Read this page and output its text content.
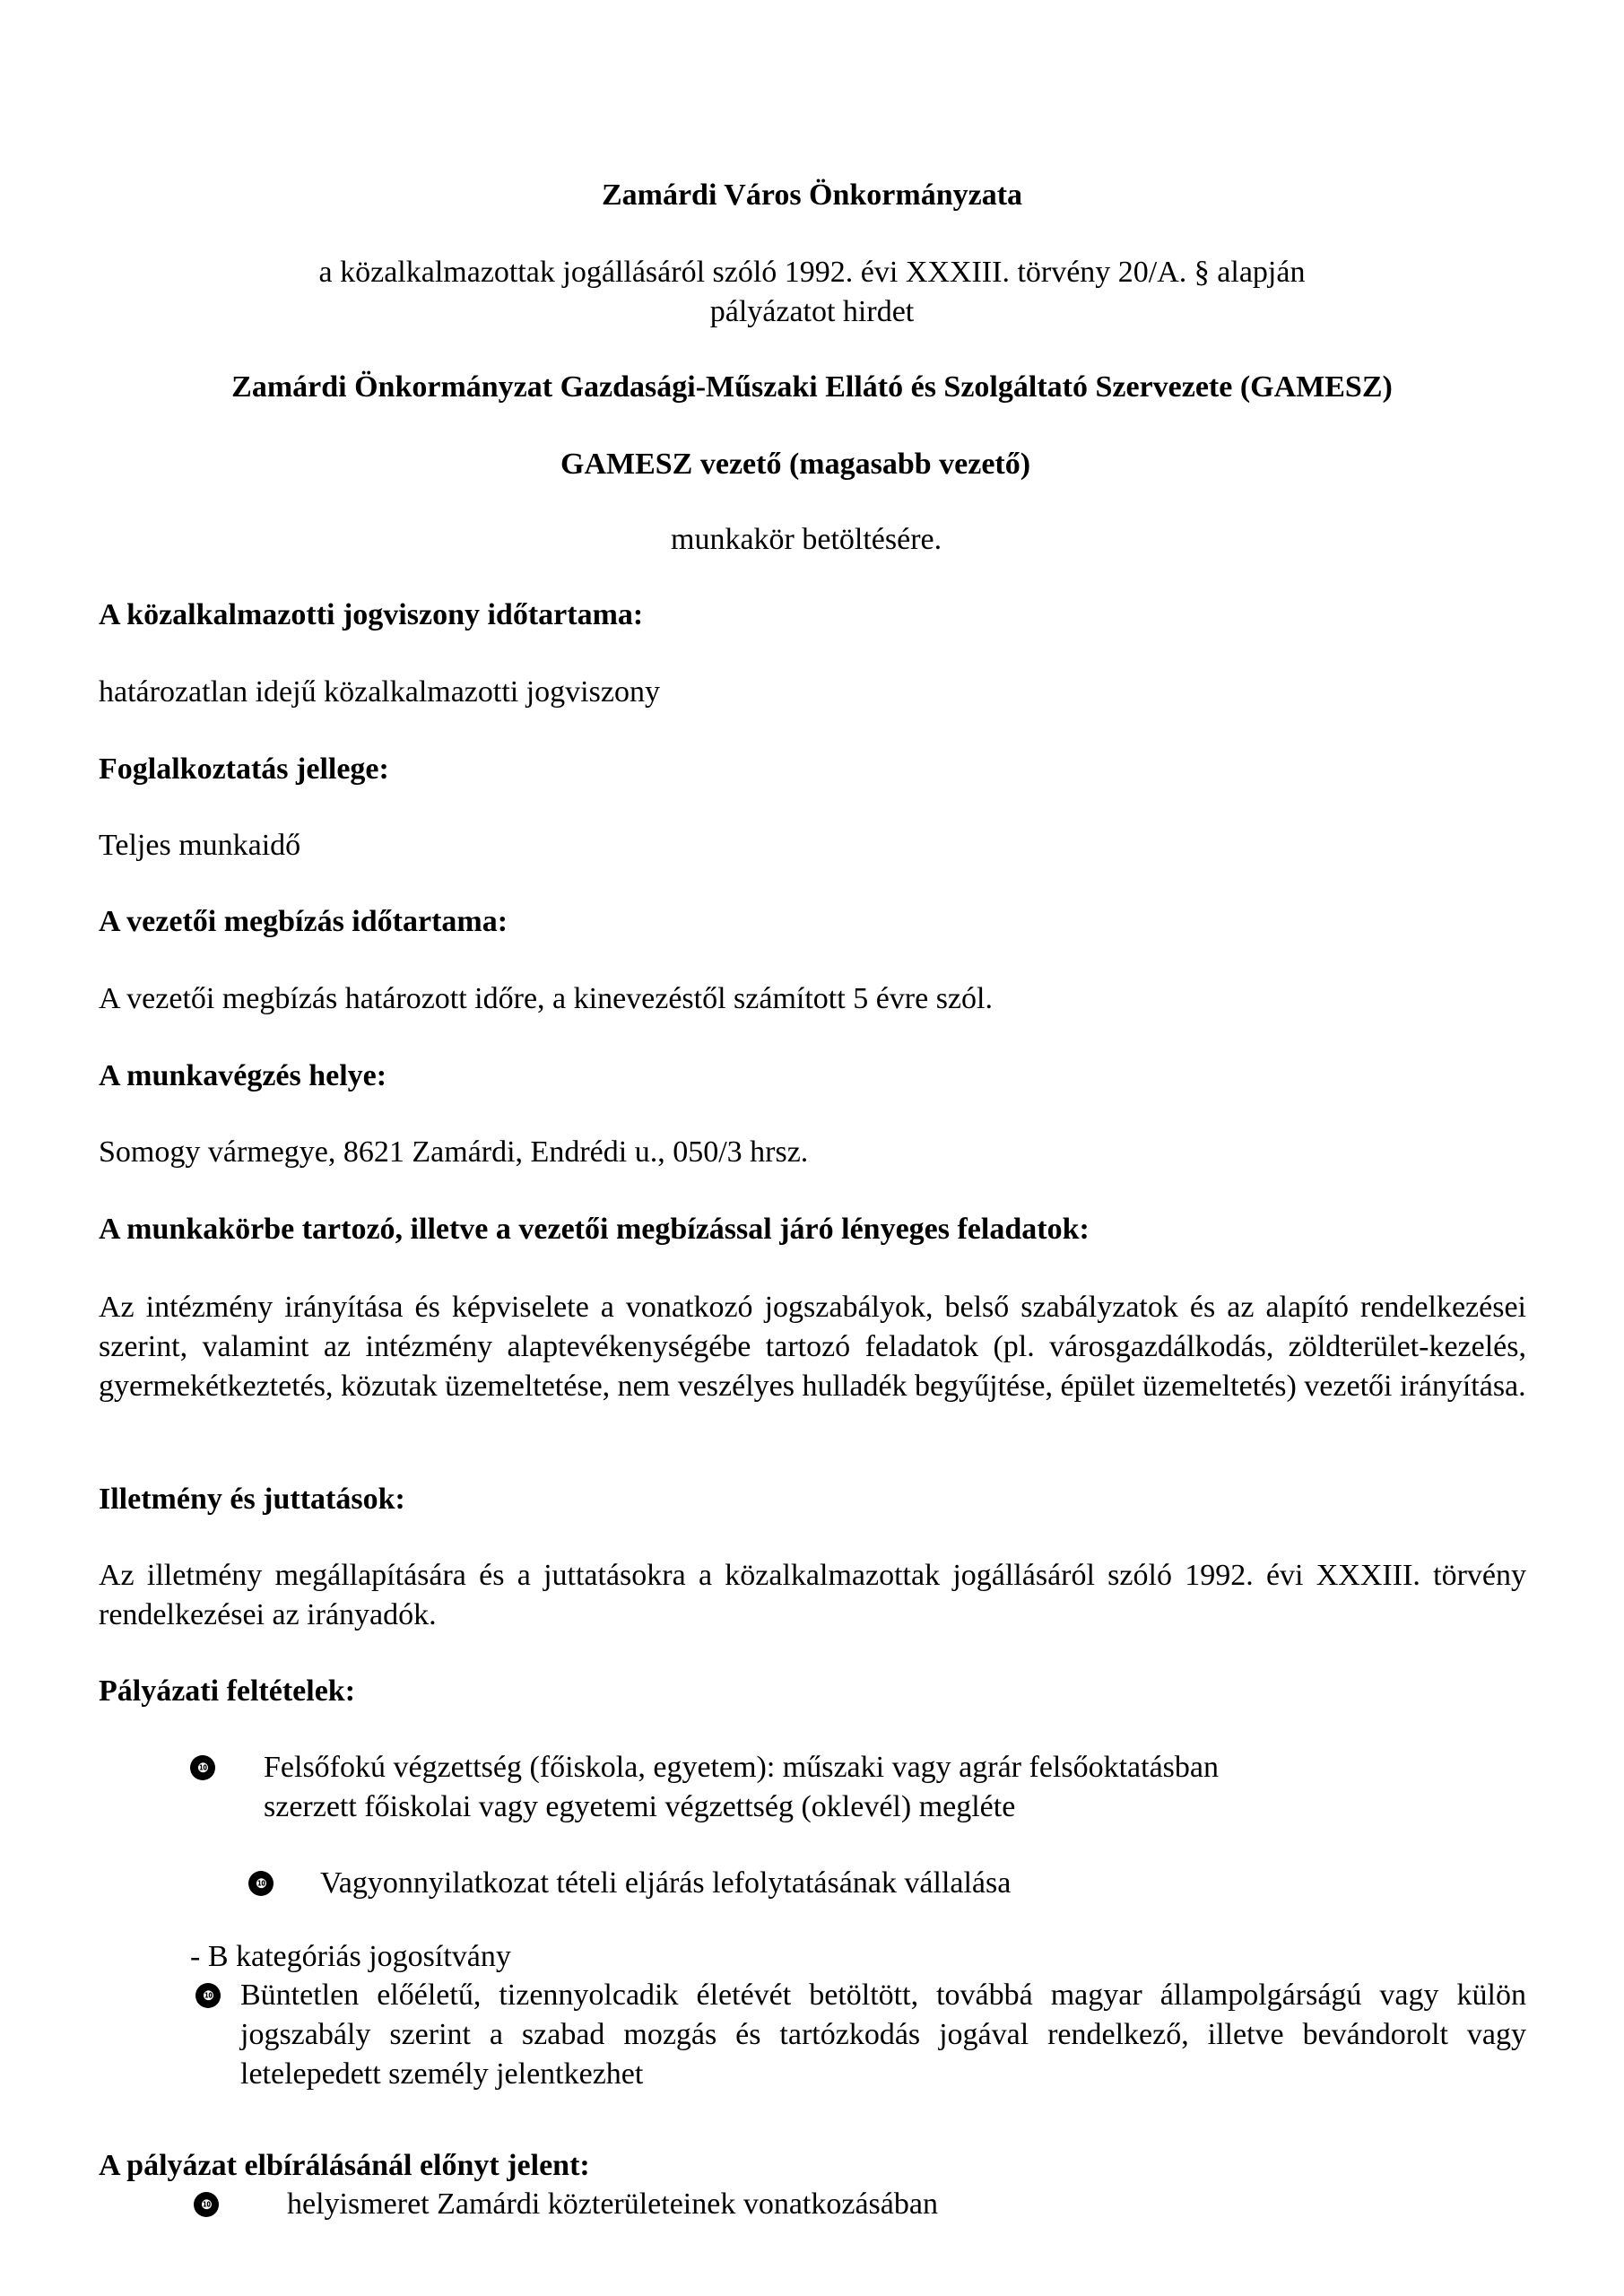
Zamárdi Város Önkormányzata
a közalkalmazottak jogállásáról szóló 1992. évi XXXIII. törvény 20/A. § alapján
pályázatot hirdet
Zamárdi Önkormányzat Gazdasági-Műszaki Ellátó és Szolgáltató Szervezete (GAMESZ)
GAMESZ vezető (magasabb vezető)
munkakör betöltésére.
A közalkalmazotti jogviszony időtartama:
határozatlan idejű közalkalmazotti jogviszony
Foglalkoztatás jellege:
Teljes munkaidő
A vezetői megbízás időtartama:
A vezetői megbízás határozott időre, a kinevezéstől számított 5 évre szól.
A munkavégzés helye:
Somogy vármegye, 8621 Zamárdi, Endrédi u., 050/3 hrsz.
A munkakörbe tartozó, illetve a vezetői megbízással járó lényeges feladatok:
Az intézmény irányítása és képviselete a vonatkozó jogszabályok, belső szabályzatok és az alapító rendelkezései szerint, valamint az intézmény alaptevékenységébe tartozó feladatok (pl. városgazdálkodás, zöldterület-kezelés, gyermekétkeztetés, közutak üzemeltetése, nem veszélyes hulladék begyűjtése, épület üzemeltetés) vezetői irányítása.
Illetmény és juttatások:
Az illetmény megállapítására és a juttatásokra a közalkalmazottak jogállásáról szóló 1992. évi XXXIII. törvény rendelkezései az irányadók.
Pályázati feltételek:
❿ Felsőfokú végzettség (főiskola, egyetem): műszaki vagy agrár felsőoktatásban
szerzett főiskolai vagy egyetemi végzettség (oklevél) megléte
❿ Vagyonnyilatkozat tételi eljárás lefolytatásának vállalása
- B kategóriás jogosítvány
❿ Büntetlen előéletű, tizennyolcadik életévét betöltött, továbbá magyar állampolgárságú vagy külön jogszabály szerint a szabad mozgás és tartózkodás jogával rendelkező, illetve bevándorolt vagy letelepedett személy jelentkezhet
A pályázat elbírálásánál előnyt jelent:
❿ helyismeret Zamárdi közterületeinek vonatkozásában
